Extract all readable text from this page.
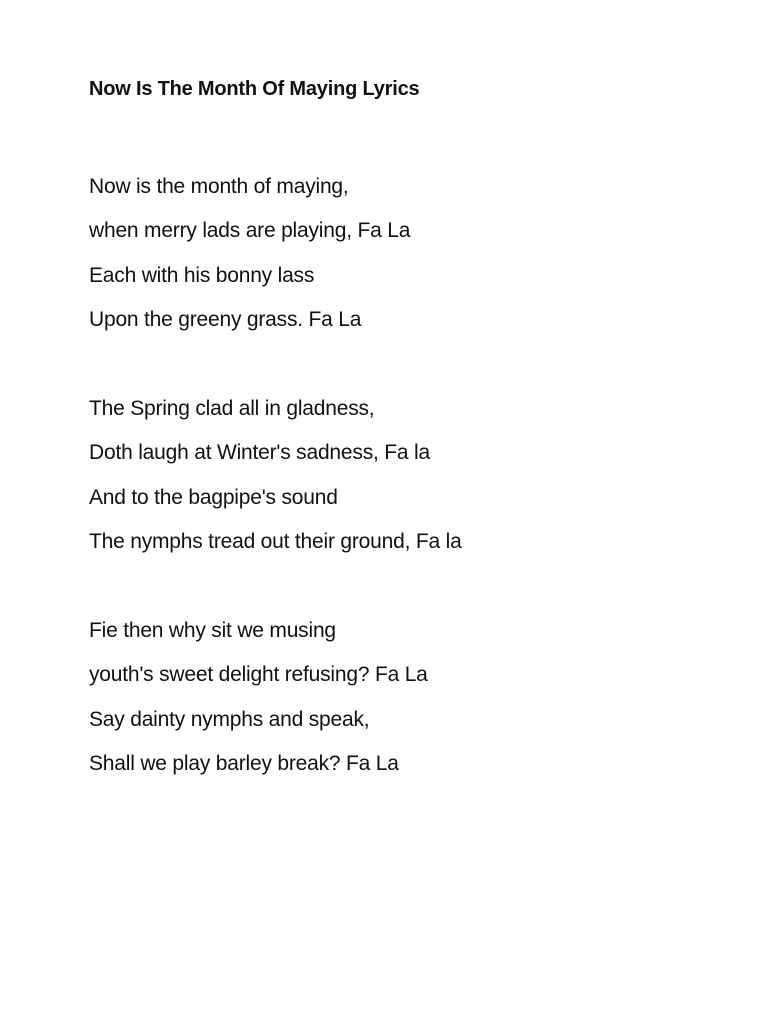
Now Is The Month Of Maying Lyrics
Now is the month of maying,
when merry lads are playing, Fa La
Each with his bonny lass
Upon the greeny grass. Fa La
The Spring clad all in gladness,
Doth laugh at Winter's sadness, Fa la
And to the bagpipe's sound
The nymphs tread out their ground, Fa la
Fie then why sit we musing
youth's sweet delight refusing? Fa La
Say dainty nymphs and speak,
Shall we play barley break? Fa La
